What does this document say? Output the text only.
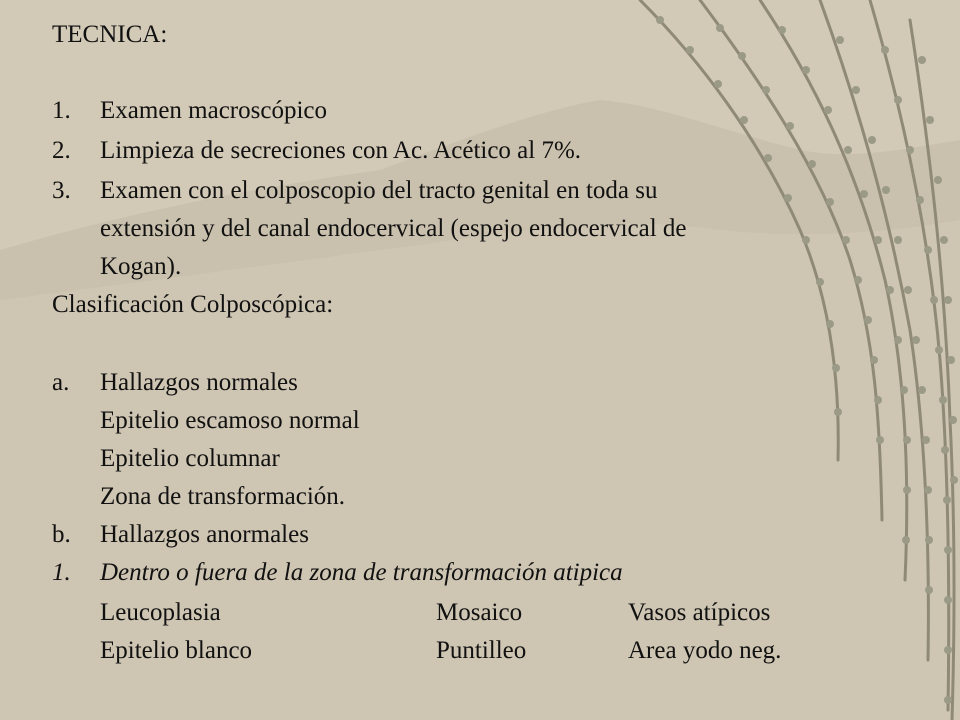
TECNICA:
1. Examen macroscópico
2. Limpieza de secreciones con Ac. Acético al 7%.
3. Examen con el colposcopio del tracto genital en toda su
extensión y del canal endocervical (espejo endocervical de
Kogan).
Clasificación Colposcópica:
a. Hallazgos normales
Epitelio escamoso normal
Epitelio columnar
Zona de transformación.
b. Hallazgos anormales
1. Dentro o fuera de la zona de transformación atipica
Leucoplasia	Mosaico	Vasos atípicos
Epitelio blanco	Puntilleo	Area yodo neg.
